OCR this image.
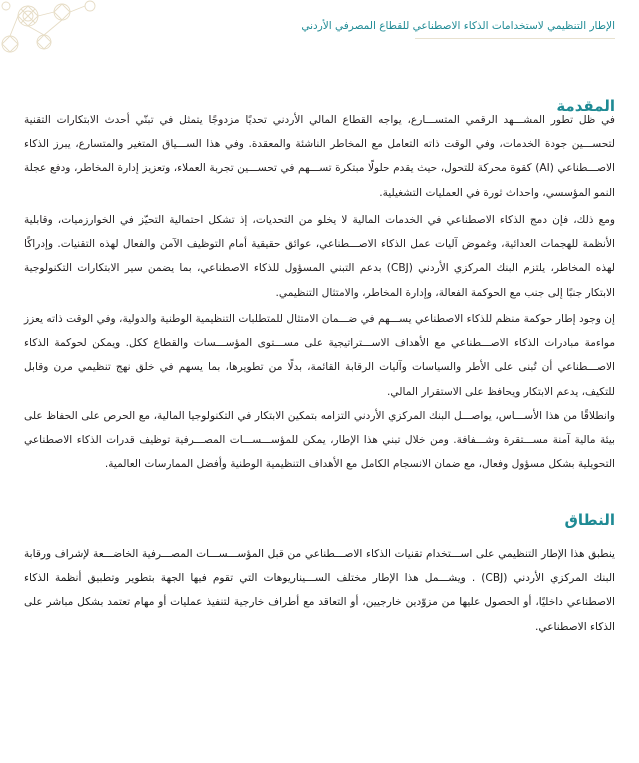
الإطار التنظيمي لاستخدامات الذكاء الاصطناعي للقطاع المصرفي الأردني
المقدمة

في ظل تطور المشـــهد الرقمي المتســـارع، يواجه القطاع المالي الأردني تحديًا مزدوجًا يتمثل في تبنّي أحدث الابتكارات التقنية لتحســـين جودة الخدمات، وفي الوقت ذاته التعامل مع المخاطر الناشئة والمعقدة. وفي هذا الســـياق المتغير والمتسارع، يبرز الذكاء الاصـــطناعي (AI) كقوة محركة للتحول، حيث يقدم حلولًا مبتكرة تســـهم في تحســـين تجربة العملاء، وتعزيز إدارة المخاطر، ودفع عجلة النمو المؤسسي، واحداث ثورة في العمليات التشغيلية.

ومع ذلك، فإن دمج الذكاء الاصطناعي في الخدمات المالية لا يخلو من التحديات، إذ تشكل احتمالية التحيّز في الخوارزميات، وقابلية الأنظمة للهجمات العدائية، وغموض آليات عمل الذكاء الاصـــطناعي، عوائق حقيقية أمام التوظيف الآمن والفعال لهذه التقنيات. وإدراكًا لهذه المخاطر، يلتزم البنك المركزي الأردني (CBJ) بدعم التبني المسؤول للذكاء الاصطناعي، بما يضمن سير الابتكارات التكنولوجية الابتكار جنبًا إلى جنب مع الحوكمة الفعالة، وإدارة المخاطر، والامتثال التنظيمي.

إن وجود إطار حوكمة منظم للذكاء الاصطناعي يســـهم في ضـــمان الامتثال للمتطلبات التنظيمية الوطنية والدولية، وفي الوقت ذاته يعزز مواءمة مبادرات الذكاء الاصـــطناعي مع الأهداف الاســـتراتيجية على مســـتوى المؤســـسات والقطاع ككل. ويمكن لحوكمة الذكاء الاصـــطناعي أن تُبنى على الأطر والسياسات وآليات الرقابة القائمة، بدلًا من تطويرها، بما يسهم في خلق نهج تنظيمي مرن وقابل للتكيف، يدعم الابتكار ويحافظ على الاستقرار المالي.

وانطلاقًا من هذا الأســـاس، يواصـــل البنك المركزي الأردني التزامه بتمكين الابتكار في التكنولوجيا المالية، مع الحرص على الحفاظ على بيئة مالية آمنة مســـتقرة وشـــفافة. ومن خلال تبني هذا الإطار، يمكن للمؤســـســـات المصـــرفية توظيف قدرات الذكاء الاصطناعي التحويلية بشكل مسؤول وفعال، مع ضمان الانسجام الكامل مع الأهداف التنظيمية الوطنية وأفضل الممارسات العالمية.

النطاق

ينطبق هذا الإطار التنظيمي على اســـتخدام تقنيات الذكاء الاصـــطناعي من قبل المؤســـســـات المصـــرفية الخاضـــعة لإشراف ورقابة البنك المركزي الأردني (CBJ) . ويشـــمل هذا الإطار مختلف الســـيناريوهات التي تقوم فيها الجهة بتطوير وتطبيق أنظمة الذكاء الاصطناعي داخليًا، أو الحصول عليها من مزوّدين خارجيين، أو التعاقد مع أطراف خارجية لتنفيذ عمليات أو مهام تعتمد بشكل مباشر على الذكاء الاصطناعي.
